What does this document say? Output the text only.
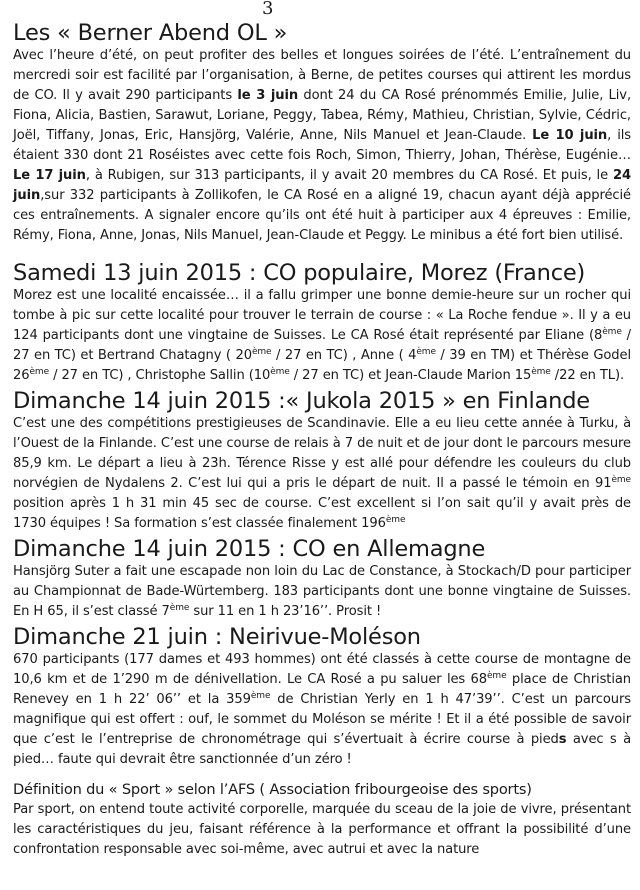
3
Les « Berner Abend OL »

Avec l’heure d’été, on peut profiter des belles et longues soirées de l’été. L’entraînement du mercredi soir est facilité par l’organisation, à Berne, de petites courses qui attirent les mordus de CO. Il y avait 290 participants le 3 juin dont 24 du CA Rosé prénommés Emilie, Julie, Liv, Fiona, Alicia, Bastien, Sarawut, Loriane, Peggy, Tabea, Rémy, Mathieu, Christian, Sylvie, Cédric, Joël, Tiffany, Jonas, Eric, Hansjörg, Valérie, Anne, Nils Manuel et Jean-Claude. Le 10 juin, ils étaient 330 dont 21 Roséistes avec cette fois Roch, Simon, Thierry, Johan, Thérèse, Eugénie… Le 17 juin, à Rubigen, sur 313 participants, il y avait 20 membres du CA Rosé. Et puis, le 24 juin,sur 332 participants à Zollikofen, le CA Rosé en a aligné 19, chacun ayant déjà apprécié ces entraînements. A signaler encore qu’ils ont été huit à participer aux 4 épreuves : Emilie, Rémy, Fiona, Anne, Jonas, Nils Manuel, Jean-Claude et Peggy. Le minibus a été fort bien utilisé.

Samedi 13 juin 2015 : CO populaire, Morez (France)

Morez est une localité encaissée… il a fallu grimper une bonne demie-heure sur un rocher qui tombe à pic sur cette localité pour trouver le terrain de course : « La Roche fendue ». Il y a eu 124 participants dont une vingtaine de Suisses. Le CA Rosé était représenté par Eliane (8ème / 27 en TC) et Bertrand Chatagny ( 20ème / 27 en TC) , Anne ( 4ème / 39 en TM) et Thérèse Godel 26ème / 27 en TC) , Christophe Sallin (10ème / 27 en TC) et Jean-Claude Marion 15ème /22 en TL).

Dimanche 14 juin 2015 :« Jukola 2015 » en Finlande

C’est une des compétitions prestigieuses de Scandinavie. Elle a eu lieu cette année à Turku, à l’Ouest de la Finlande. C’est une course de relais à 7 de nuit et de jour dont le parcours mesure 85,9 km. Le départ a lieu à 23h. Térence Risse y est allé pour défendre les couleurs du club norvégien de Nydalens 2. C’est lui qui a pris le départ de nuit. Il a passé le témoin en 91ème position après 1 h 31 min 45 sec de course. C’est excellent si l’on sait qu’il y avait près de 1730 équipes ! Sa formation s’est classée finalement 196ème

Dimanche 14 juin 2015 : CO en Allemagne

Hansjörg Suter a fait une escapade non loin du Lac de Constance, à Stockach/D pour participer au Championnat de Bade-Würtemberg. 183 participants dont une bonne vingtaine de Suisses. En H 65, il s’est classé 7ème sur 11 en 1 h 23’16’’. Prosit !

Dimanche 21 juin : Neirivue-Moléson

670 participants (177 dames et 493 hommes) ont été classés à cette course de montagne de 10,6 km et de 1’290 m de dénivellation. Le CA Rosé a pu saluer les 68ème place de Christian Renevey en 1 h 22’ 06’’ et la 359ème de Christian Yerly en 1 h 47’39’’. C’est un parcours magnifique qui est offert : ouf, le sommet du Moléson se mérite ! Et il a été possible de savoir que c’est le l’entreprise de chronométrage qui s’évertuait à écrire course à pieds avec s à pied… faute qui devrait être sanctionnée d’un zéro !

Définition du « Sport » selon l’AFS ( Association fribourgeoise des sports)

Par sport, on entend toute activité corporelle, marquée du sceau de la joie de vivre, présentant les caractéristiques du jeu, faisant référence à la performance et offrant la possibilité d’une confrontation responsable avec soi-même, avec autrui et avec la nature
